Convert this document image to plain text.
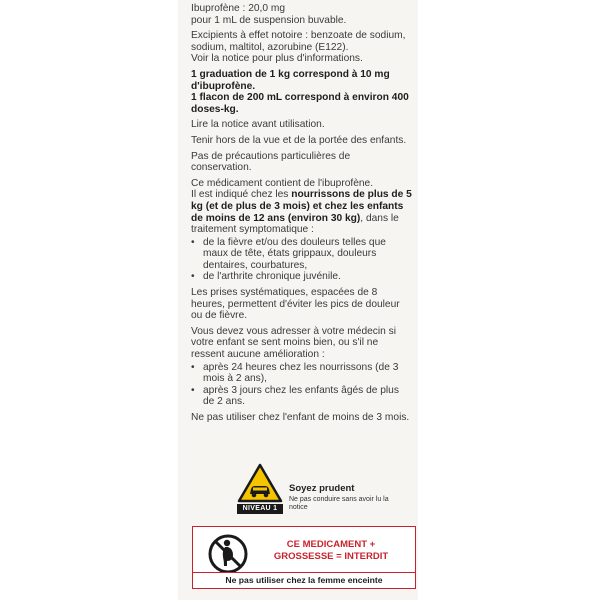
Ibuprofène : 20,0 mg
pour 1 mL de suspension buvable.

Excipients à effet notoire : benzoate de sodium, sodium, maltitol, azorubine (E122).
Voir la notice pour plus d'informations.

1 graduation de 1 kg correspond à 10 mg d'ibuprofène.
1 flacon de 200 mL correspond à environ 400 doses-kg.

Lire la notice avant utilisation.

Tenir hors de la vue et de la portée des enfants.

Pas de précautions particulières de conservation.

Ce médicament contient de l'ibuprofène.
Il est indiqué chez les nourrissons de plus de 5 kg (et de plus de 3 mois) et chez les enfants de moins de 12 ans (environ 30 kg), dans le traitement symptomatique :

• de la fièvre et/ou des douleurs telles que maux de tête, états grippaux, douleurs dentaires, courbatures,
• de l'arthrite chronique juvénile.

Les prises systématiques, espacées de 8 heures, permettent d'éviter les pics de douleur ou de fièvre.

Vous devez vous adresser à votre médecin si votre enfant se sent moins bien, ou s'il ne ressent aucune amélioration :

• après 24 heures chez les nourrissons (de 3 mois à 2 ans),
• après 3 jours chez les enfants âgés de plus de 2 ans.

Ne pas utiliser chez l'enfant de moins de 3 mois.

NIVEAU 1
Soyez prudent
Ne pas conduire sans avoir lu la notice
CE MEDICAMENT +
GROSSESSE = INTERDIT
Ne pas utiliser chez la femme enceinte
